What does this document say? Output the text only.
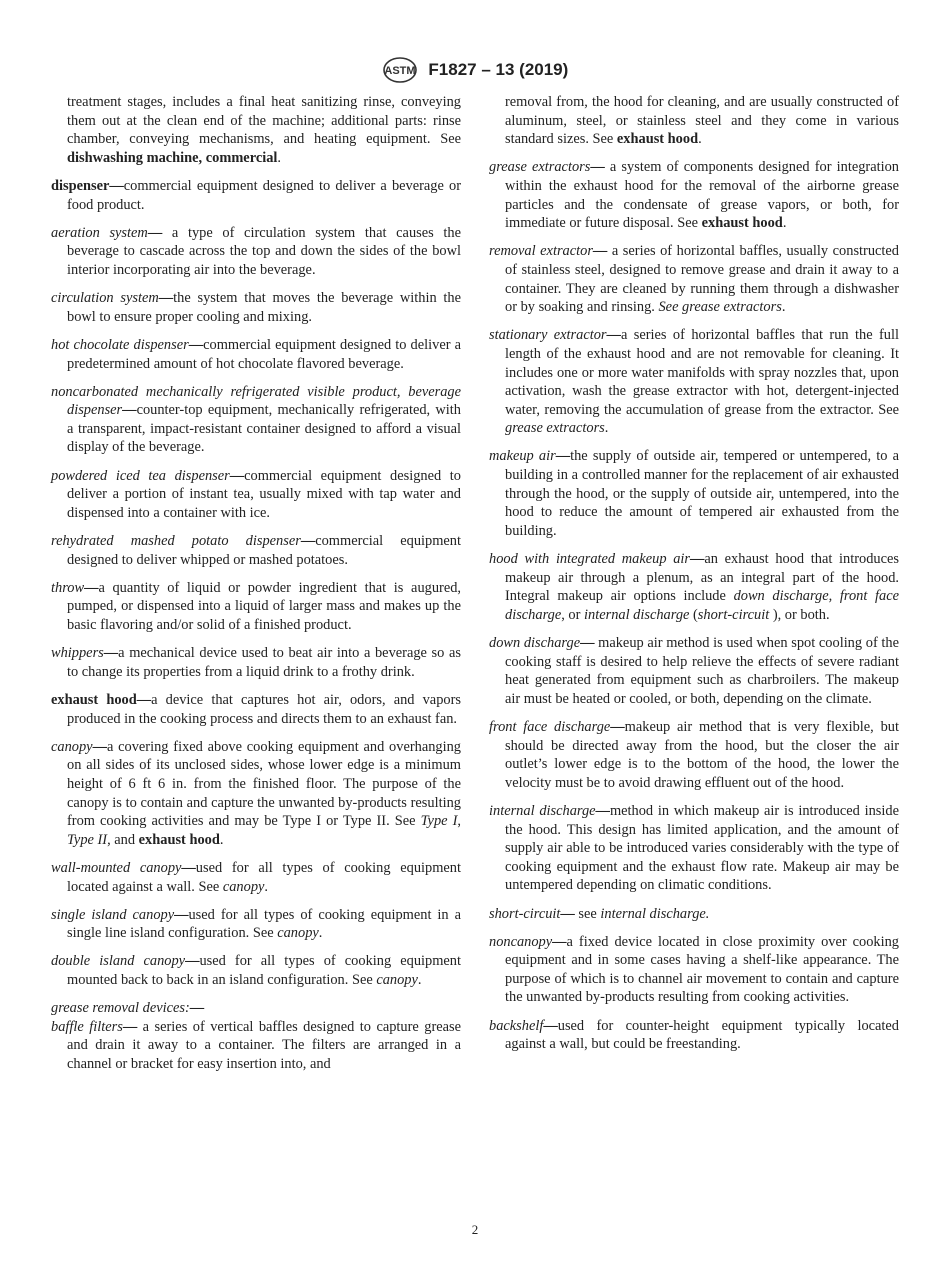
ASTM F1827 – 13 (2019)

treatment stages, includes a final heat sanitizing rinse, conveying them out at the clean end of the machine; additional parts: rinse chamber, conveying mechanisms, and heating equipment. See dishwashing machine, commercial.

dispenser—commercial equipment designed to deliver a beverage or food product.

aeration system— a type of circulation system that causes the beverage to cascade across the top and down the sides of the bowl interior incorporating air into the beverage.

circulation system—the system that moves the beverage within the bowl to ensure proper cooling and mixing.

hot chocolate dispenser—commercial equipment designed to deliver a predetermined amount of hot chocolate flavored beverage.

noncarbonated mechanically refrigerated visible product, beverage dispenser—counter-top equipment, mechanically refrigerated, with a transparent, impact-resistant container designed to afford a visual display of the beverage.

powdered iced tea dispenser—commercial equipment designed to deliver a portion of instant tea, usually mixed with tap water and dispensed into a container with ice.

rehydrated mashed potato dispenser—commercial equipment designed to deliver whipped or mashed potatoes.

throw—a quantity of liquid or powder ingredient that is augured, pumped, or dispensed into a liquid of larger mass and makes up the basic flavoring and/or solid of a finished product.

whippers—a mechanical device used to beat air into a beverage so as to change its properties from a liquid drink to a frothy drink.

exhaust hood—a device that captures hot air, odors, and vapors produced in the cooking process and directs them to an exhaust fan.

canopy—a covering fixed above cooking equipment and overhanging on all sides of its unclosed sides, whose lower edge is a minimum height of 6 ft 6 in. from the finished floor. The purpose of the canopy is to contain and capture the unwanted by-products resulting from cooking activities and may be Type I or Type II. See Type I, Type II, and exhaust hood.

wall-mounted canopy—used for all types of cooking equipment located against a wall. See canopy.

single island canopy—used for all types of cooking equipment in a single line island configuration. See canopy.

double island canopy—used for all types of cooking equipment mounted back to back in an island configuration. See canopy.

grease removal devices:—

baffle filters— a series of vertical baffles designed to capture grease and drain it away to a container. The filters are arranged in a channel or bracket for easy insertion into, and

removal from, the hood for cleaning, and are usually constructed of aluminum, steel, or stainless steel and they come in various standard sizes. See exhaust hood.

grease extractors— a system of components designed for integration within the exhaust hood for the removal of the airborne grease particles and the condensate of grease vapors, or both, for immediate or future disposal. See exhaust hood.

removal extractor— a series of horizontal baffles, usually constructed of stainless steel, designed to remove grease and drain it away to a container. They are cleaned by running them through a dishwasher or by soaking and rinsing. See grease extractors.

stationary extractor—a series of horizontal baffles that run the full length of the exhaust hood and are not removable for cleaning. It includes one or more water manifolds with spray nozzles that, upon activation, wash the grease extractor with hot, detergent-injected water, removing the accumulation of grease from the extractor. See grease extractors.

makeup air—the supply of outside air, tempered or untempered, to a building in a controlled manner for the replacement of air exhausted through the hood, or the supply of outside air, untempered, into the hood to reduce the amount of tempered air exhausted from the building.

hood with integrated makeup air—an exhaust hood that introduces makeup air through a plenum, as an integral part of the hood. Integral makeup air options include down discharge, front face discharge, or internal discharge (short-circuit ), or both.

down discharge— makeup air method is used when spot cooling of the cooking staff is desired to help relieve the effects of severe radiant heat generated from equipment such as charbroilers. The makeup air must be heated or cooled, or both, depending on the climate.

front face discharge—makeup air method that is very flexible, but should be directed away from the hood, but the closer the air outlet’s lower edge is to the bottom of the hood, the lower the velocity must be to avoid drawing effluent out of the hood.

internal discharge—method in which makeup air is introduced inside the hood. This design has limited application, and the amount of supply air able to be introduced varies considerably with the type of cooking equipment and the exhaust flow rate. Makeup air may be untempered depending on climatic conditions.

short-circuit— see internal discharge.

noncanopy—a fixed device located in close proximity over cooking equipment and in some cases having a shelf-like appearance. The purpose of which is to channel air movement to contain and capture the unwanted by-products resulting from cooking activities.

backshelf—used for counter-height equipment typically located against a wall, but could be freestanding.

2
